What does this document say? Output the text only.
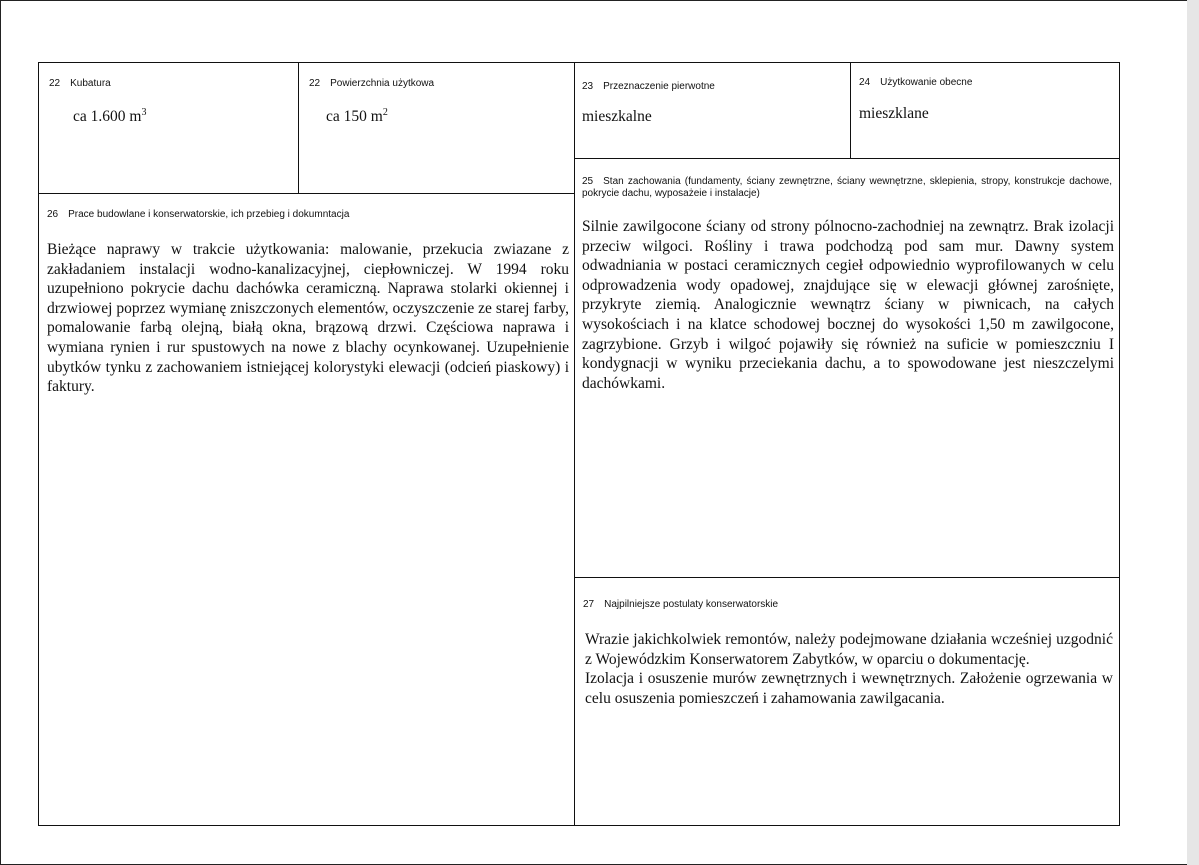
22 Kubatura
ca 1.600 $m^3$
22 Powierzchnia użytkowa
ca 150 $m^2$
23 Przeznaczenie pierwotne
mieszkalne
24 Użytkowanie obecne
mieszklane
25 Stan zachowania (fundamenty, ściany zewnętrzne, ściany wewnętrzne, sklepienia, stropy, konstrukcje dachowe, pokrycie dachu, wyposażeie i instalacje)
Silnie zawilgocone ściany od strony pólnocno-zachodniej na zewnątrz. Brak izolacji przeciw wilgoci. Rośliny i trawa podchodzą pod sam mur. Dawny system odwadniania w postaci ceramicznych cegieł odpowiednio wyprofilowanych w celu odprowadzenia wody opadowej, znajdujące się w elewacji głównej zarośnięte, przykryte ziemią. Analogicznie wewnątrz ściany w piwnicach, na całych wysokościach i na klatce schodowej bocznej do wysokości 1,50 m zawilgocone, zagrzybione. Grzyb i wilgoć pojawiły się również na suficie w pomieszczniu I kondygnacji w wyniku przeciekania dachu, a to spowodowane jest nieszczelymi dachówkami.
26 Prace budowlane i konserwatorskie, ich przebieg i dokumntacja
Bieżące naprawy w trakcie użytkowania: malowanie, przekucia zwiazane z zakładaniem instalacji wodno-kanalizacyjnej, ciepłowniczej. W 1994 roku uzupełniono pokrycie dachu dachówka ceramiczną. Naprawa stolarki okiennej i drzwiowej poprzez wymianę zniszczonych elementów, oczyszczenie ze starej farby, pomalowanie farbą olejną, białą okna, brązową drzwi. Częściowa naprawa i wymiana rynien i rur spustowych na nowe z blachy ocynkowanej. Uzupełnienie ubytków tynku z zachowaniem istniejącej kolorystyki elewacji (odcień piaskowy) i faktury.
27 Najpilniejsze postulaty konserwatorskie

Wrazie jakichkolwiek remontów, należy podejmowane działania wcześniej uzgodnić z Wojewódzkim Konserwatorem Zabytków, w oparciu o dokumentację.

Izolacja i osuszenie murów zewnętrznych i wewnętrznych. Założenie ogrzewania w celu osuszenia pomieszczeń i zahamowania zawilgacania.
